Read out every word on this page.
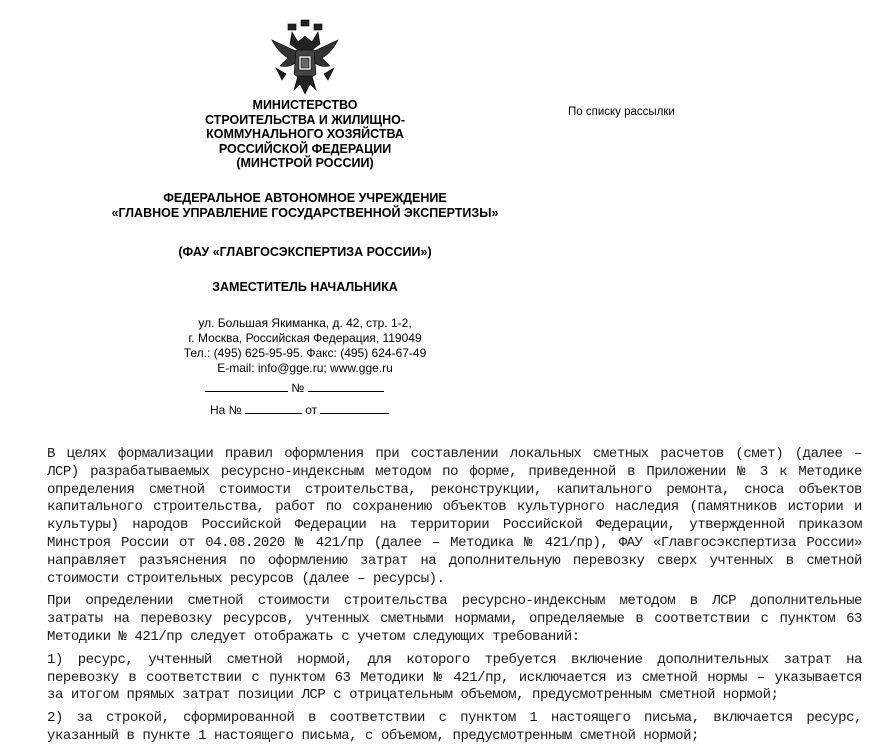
МИНИСТЕРСТВО
СТРОИТЕЛЬСТВА И ЖИЛИЩНО-
КОММУНАЛЬНОГО ХОЗЯЙСТВА
РОССИЙСКОЙ ФЕДЕРАЦИИ
(МИНСТРОЙ РОССИИ)
ФЕДЕРАЛЬНОЕ АВТОНОМНОЕ УЧРЕЖДЕНИЕ
«ГЛАВНОЕ УПРАВЛЕНИЕ ГОСУДАРСТВЕННОЙ ЭКСПЕРТИЗЫ»
(ФАУ «ГЛАВГОСЭКСПЕРТИЗА РОССИИ»)
ЗАМЕСТИТЕЛЬ НАЧАЛЬНИКА
ул. Большая Якиманка, д. 42, стр. 1-2,
г. Москва, Российская Федерация, 119049
Тел.: (495) 625-95-95. Факс: (495) 624-67-49
E-mail: info@gge.ru; www.gge.ru
№
На №	от
По списку рассылки
В целях формализации правил оформления при составлении локальных сметных расчетов (смет) (далее –
ЛСР) разрабатываемых ресурсно-индексным методом по форме, приведенной в Приложении № 3 к Методике
определения сметной стоимости строительства, реконструкции, капитального ремонта, сноса объектов
капитального строительства, работ по сохранению объектов культурного наследия (памятников истории и
культуры) народов Российской Федерации на территории Российской Федерации, утвержденной приказом
Минстроя России от 04.08.2020 № 421/пр (далее – Методика № 421/пр), ФАУ «Главгосэкспертиза России»
направляет разъяснения по оформлению затрат на дополнительную перевозку сверх учтенных в сметной
стоимости строительных ресурсов (далее – ресурсы).
При определении сметной стоимости строительства ресурсно-индексным методом в ЛСР дополнительные
затраты на перевозку ресурсов, учтенных сметными нормами, определяемые в соответствии с пунктом 63
Методики № 421/пр следует отображать с учетом следующих требований:
1) ресурс, учтенный сметной нормой, для которого требуется включение дополнительных затрат на
перевозку в соответствии с пунктом 63 Методики № 421/пр, исключается из сметной нормы – указывается
за итогом прямых затрат позиции ЛСР с отрицательным объемом, предусмотренным сметной нормой;
2) за строкой, сформированной в соответствии с пунктом 1 настоящего письма, включается ресурс,
указанный в пункте 1 настоящего письма, с объемом, предусмотренным сметной нормой;
